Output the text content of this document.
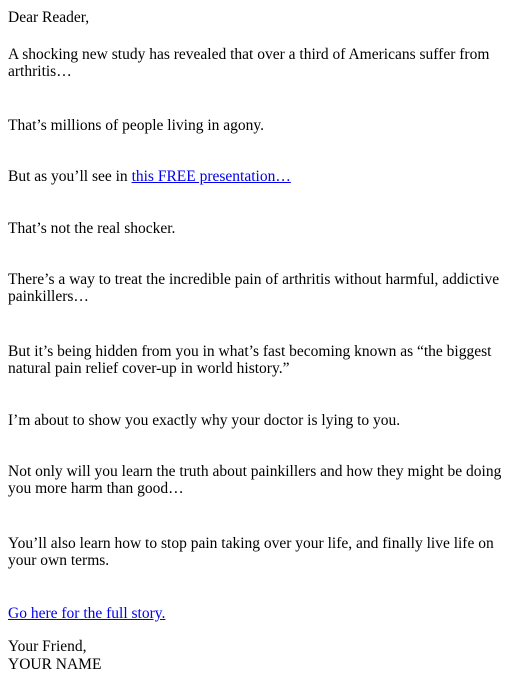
Dear Reader,

A shocking new study has revealed that over a third of Americans suffer from arthritis…

That’s millions of people living in agony.

But as you’ll see in this FREE presentation…

That’s not the real shocker.

There’s a way to treat the incredible pain of arthritis without harmful, addictive painkillers…

But it’s being hidden from you in what’s fast becoming known as “the biggest natural pain relief cover-up in world history.”

I’m about to show you exactly why your doctor is lying to you.

Not only will you learn the truth about painkillers and how they might be doing you more harm than good…

You’ll also learn how to stop pain taking over your life, and finally live life on your own terms.

Go here for the full story.

Your Friend,

YOUR NAME
